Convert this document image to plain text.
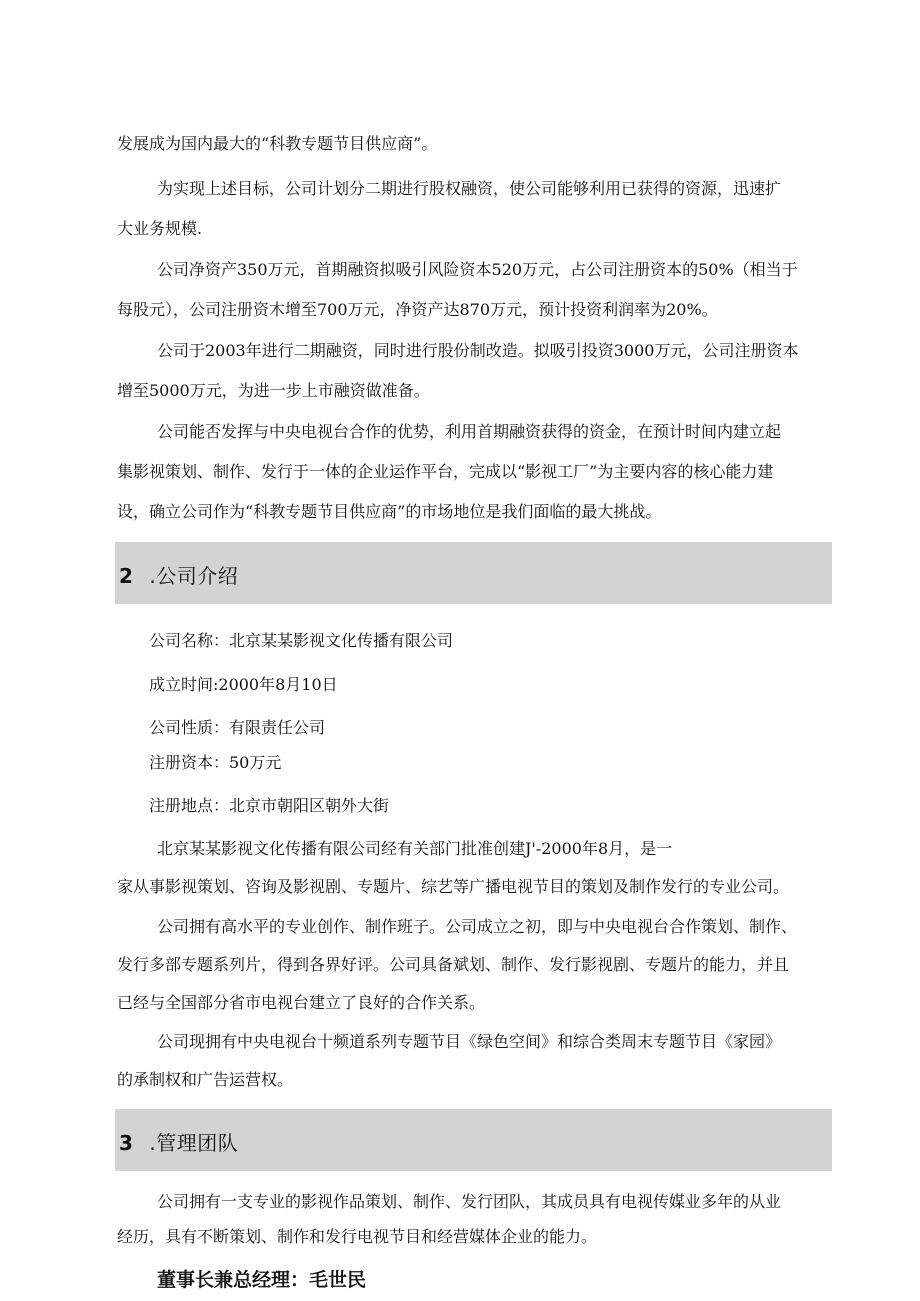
发展成为国内最大的“科教专题节目供应商”。

为实现上述目标，公司计划分二期进行股权融资，使公司能够利用已获得的资源，迅速扩

大业务规模.

公司净资产350万元，首期融资拟吸引风险资本520万元，占公司注册资本的50%（相当于

每股元），公司注册资木增至700万元，净资产达870万元，预计投资利润率为20%。

公司于2003年进行二期融资，同时进行股份制改造。拟吸引投资3000万元，公司注册资本

增至5000万元，为进一步上市融资做准备。

公司能否发挥与中央电视台合作的优势，利用首期融资获得的资金，在预计时间内建立起

集影视策划、制作、发行于一体的企业运作平台，完成以“影视工厂”为主要内容的核心能力建

设，确立公司作为“科教专题节目供应商”的市场地位是我们面临的最大挑战。

2 .公司介绍

公司名称：北京某某影视文化传播有限公司

成立时间:2000年8月10日

公司性质：有限责任公司

注册资本：50万元

注册地点：北京市朝阳区朝外大街

北京某某影视文化传播有限公司经有关部门批准创建J'-2000年8月，是一

家从事影视策划、咨询及影视剧、专题片、综艺等广播电视节目的策划及制作发行的专业公司。

公司拥有高水平的专业创作、制作班子。公司成立之初，即与中央电视台合作策划、制作、

发行多部专题系列片，得到各界好评。公司具备斌划、制作、发行影视剧、专题片的能力，并且

已经与全国部分省市电视台建立了良好的合作关系。

公司现拥有中央电视台十频道系列专题节目《绿色空间》和综合类周末专题节目《家园》

的承制权和广告运营权。

3 .管理团队

公司拥有一支专业的影视作品策划、制作、发行团队，其成员具有电视传媒业多年的从业

经历，具有不断策划、制作和发行电视节目和经营媒体企业的能力。

董事长兼总经理：毛世民
